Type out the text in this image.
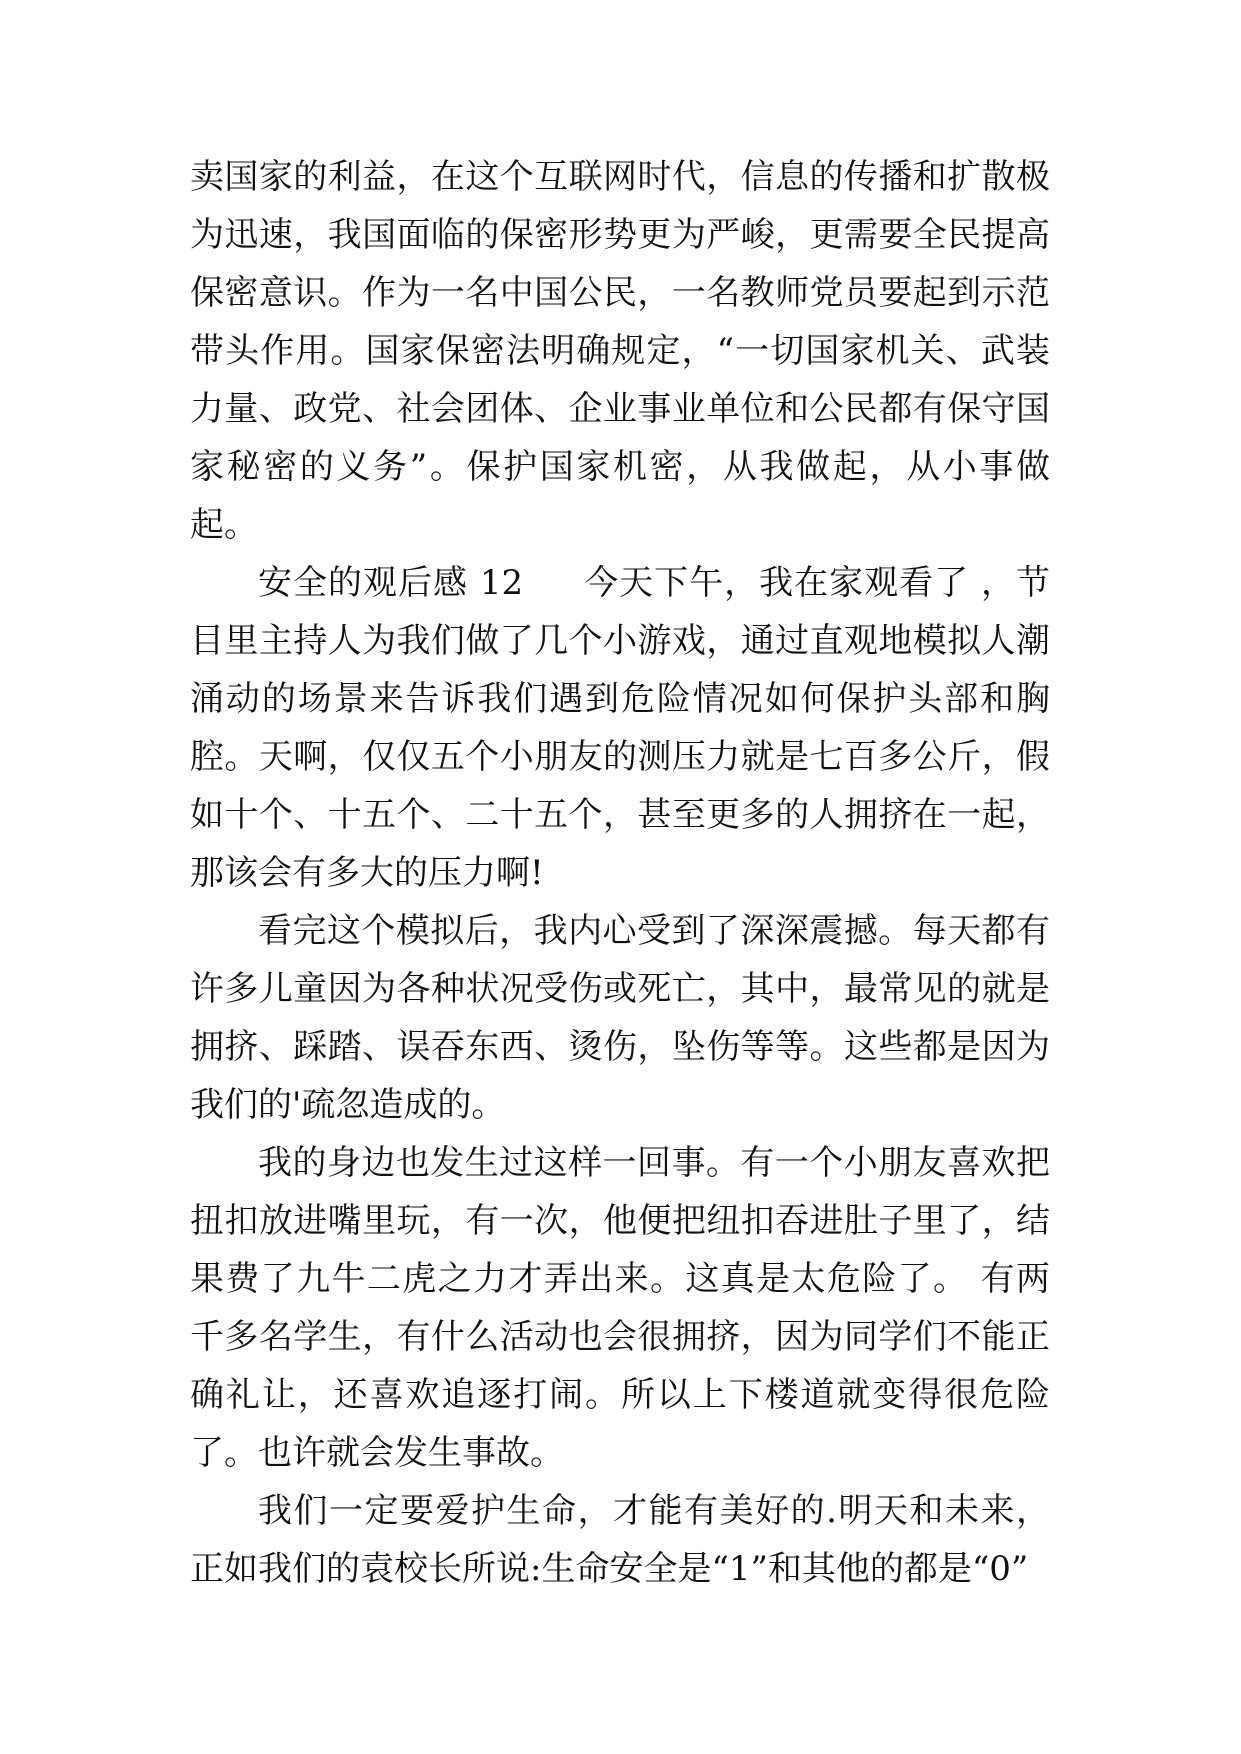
卖国家的利益，在这个互联网时代，信息的传播和扩散极为迅速，我国面临的保密形势更为严峻，更需要全民提高保密意识。作为一名中国公民，一名教师党员要起到示范带头作用。国家保密法明确规定，“一切国家机关、武装力量、政党、社会团体、企业事业单位和公民都有保守国家秘密的义务”。保护国家机密，从我做起，从小事做起。

安全的观后感 12 今天下午，我在家观看了 ，节目里主持人为我们做了几个小游戏，通过直观地模拟人潮涌动的场景来告诉我们遇到危险情况如何保护头部和胸腔。天啊，仅仅五个小朋友的测压力就是七百多公斤，假如十个、十五个、二十五个，甚至更多的人拥挤在一起，那该会有多大的压力啊!

看完这个模拟后，我内心受到了深深震撼。每天都有许多儿童因为各种状况受伤或死亡，其中，最常见的就是拥挤、踩踏、误吞东西、烫伤，坠伤等等。这些都是因为我们的'疏忽造成的。

我的身边也发生过这样一回事。有一个小朋友喜欢把扭扣放进嘴里玩，有一次，他便把纽扣吞进肚子里了，结果费了九牛二虎之力才弄出来。这真是太危险了。 有两千多名学生，有什么活动也会很拥挤，因为同学们不能正确礼让，还喜欢追逐打闹。所以上下楼道就变得很危险了。也许就会发生事故。

我们一定要爱护生命，才能有美好的.明天和未来，正如我们的袁校长所说:生命安全是“1”和其他的都是“0”
